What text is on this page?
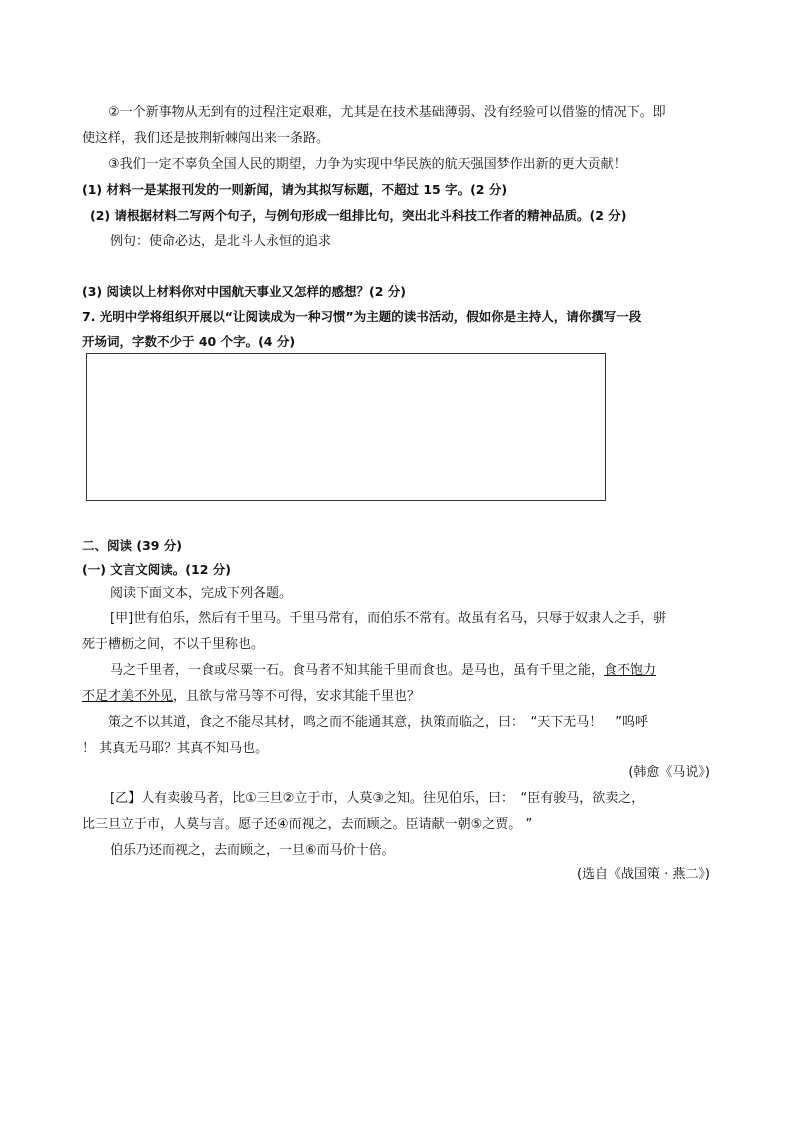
②一个新事物从无到有的过程注定艰难，尤其是在技术基础薄弱、没有经验可以借鉴的情况下。即
使这样，我们还是披荆斩棘闯出来一条路。
③我们一定不辜负全国人民的期望，力争为实现中华民族的航天强国梦作出新的更大贡献！
(1) 材料一是某报刊发的一则新闻，请为其拟写标题，不超过 15 字。(2 分)
(2) 请根据材料二写两个句子，与例句形成一组排比句，突出北斗科技工作者的精神品质。(2 分)
例句：使命必达，是北斗人永恒的追求
(3) 阅读以上材料你对中国航天事业又怎样的感想？(2 分)
7. 光明中学将组织开展以“让阅读成为一种习惯”为主题的读书活动，假如你是主持人，请你撰写一段
开场词，字数不少于 40 个字。(4 分)
二、阅读 (39 分)
(一) 文言文阅读。(12 分)
阅读下面文本，完成下列各题。
[甲]世有伯乐，然后有千里马。千里马常有，而伯乐不常有。故虽有名马，只辱于奴隶人之手，骈
死于槽枥之间，不以千里称也。
马之千里者，一食或尽粟一石。食马者不知其能千里而食也。是马也，虽有千里之能，食不饱力
不足才美不外见，且欲与常马等不可得，安求其能千里也？
策之不以其道，食之不能尽其材，鸣之而不能通其意，执策而临之，曰：　“天下无马！　”呜呼
！ 其真无马耶？其真不知马也。
(韩愈《马说》)
[乙】人有卖骏马者，比①三旦②立于市，人莫③之知。往见伯乐，曰：　“臣有骏马，欲卖之，
比三旦立于市，人莫与言。愿子还④而视之，去而顾之。臣请献一朝⑤之贾。 ”
伯乐乃还而视之，去而顾之，一旦⑥而马价十倍。
(选自《战国策 · 燕二》)
